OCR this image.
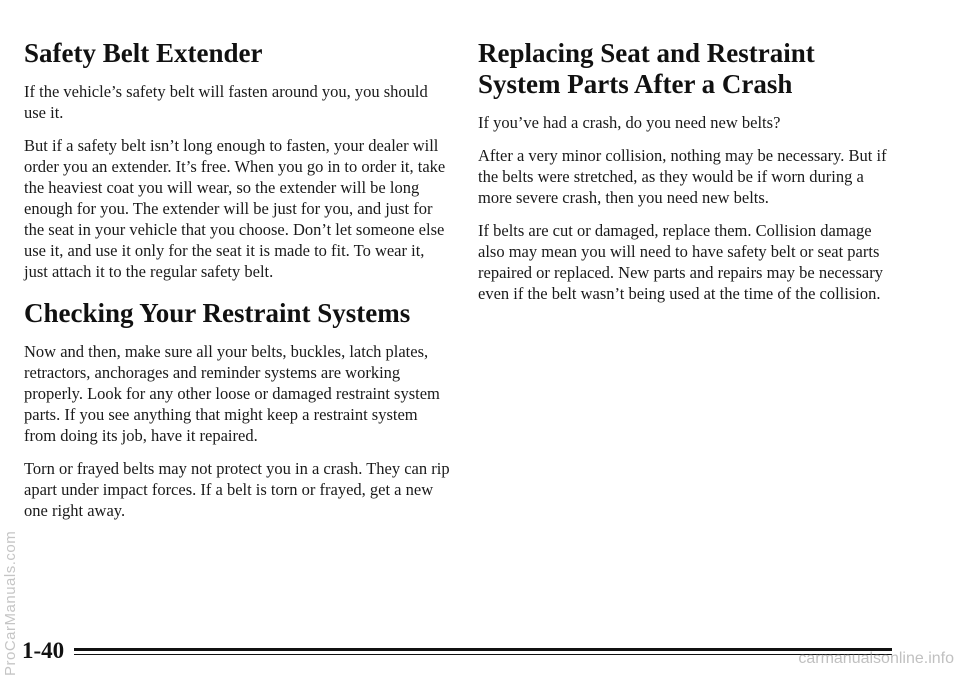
Safety Belt Extender

If the vehicle’s safety belt will fasten around you, you should use it.

But if a safety belt isn’t long enough to fasten, your dealer will order you an extender. It’s free. When you go in to order it, take the heaviest coat you will wear, so the extender will be long enough for you. The extender will be just for you, and just for the seat in your vehicle that you choose. Don’t let someone else use it, and use it only for the seat it is made to fit. To wear it, just attach it to the regular safety belt.

Checking Your Restraint Systems

Now and then, make sure all your belts, buckles, latch plates, retractors, anchorages and reminder systems are working properly. Look for any other loose or damaged restraint system parts. If you see anything that might keep a restraint system from doing its job, have it repaired.

Torn or frayed belts may not protect you in a crash. They can rip apart under impact forces. If a belt is torn or frayed, get a new one right away.

Replacing Seat and Restraint System Parts After a Crash

If you’ve had a crash, do you need new belts?

After a very minor collision, nothing may be necessary. But if the belts were stretched, as they would be if worn during a more severe crash, then you need new belts.

If belts are cut or damaged, replace them. Collision damage also may mean you will need to have safety belt or seat parts repaired or replaced. New parts and repairs may be necessary even if the belt wasn’t being used at the time of the collision.

1-40
ProCarManuals.com	carmanualsonline.info
